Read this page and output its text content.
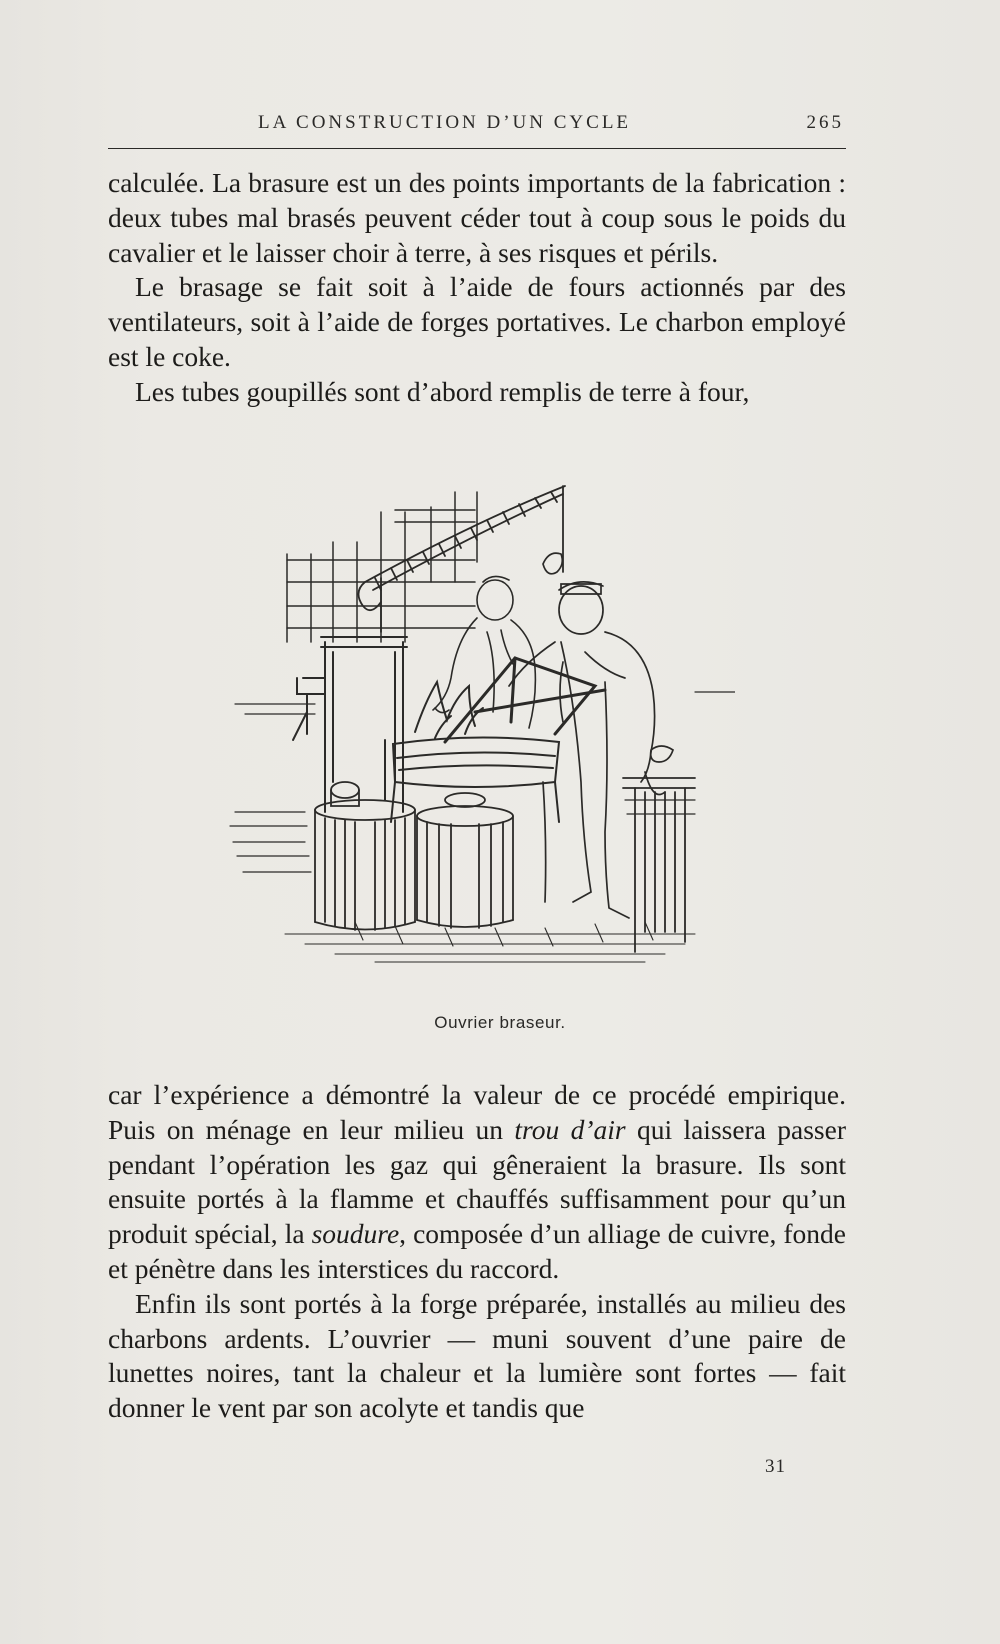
LA CONSTRUCTION D’UN CYCLE	265

calculée. La brasure est un des points importants de la fabrication : deux tubes mal brasés peuvent céder tout à coup sous le poids du cavalier et le laisser choir à terre, à ses risques et périls.

Le brasage se fait soit à l’aide de fours actionnés par des ventilateurs, soit à l’aide de forges portatives. Le charbon employé est le coke.

Les tubes goupillés sont d’abord remplis de terre à four,

Ouvrier braseur.

car l’expérience a démontré la valeur de ce procédé empirique. Puis on ménage en leur milieu un trou d’air qui laissera passer pendant l’opération les gaz qui gêneraient la brasure. Ils sont ensuite portés à la flamme et chauffés suffisamment pour qu’un produit spécial, la soudure, composée d’un alliage de cuivre, fonde et pénètre dans les interstices du raccord.

Enfin ils sont portés à la forge préparée, installés au milieu des charbons ardents. L’ouvrier — muni souvent d’une paire de lunettes noires, tant la chaleur et la lumière sont fortes — fait donner le vent par son acolyte et tandis que

31
